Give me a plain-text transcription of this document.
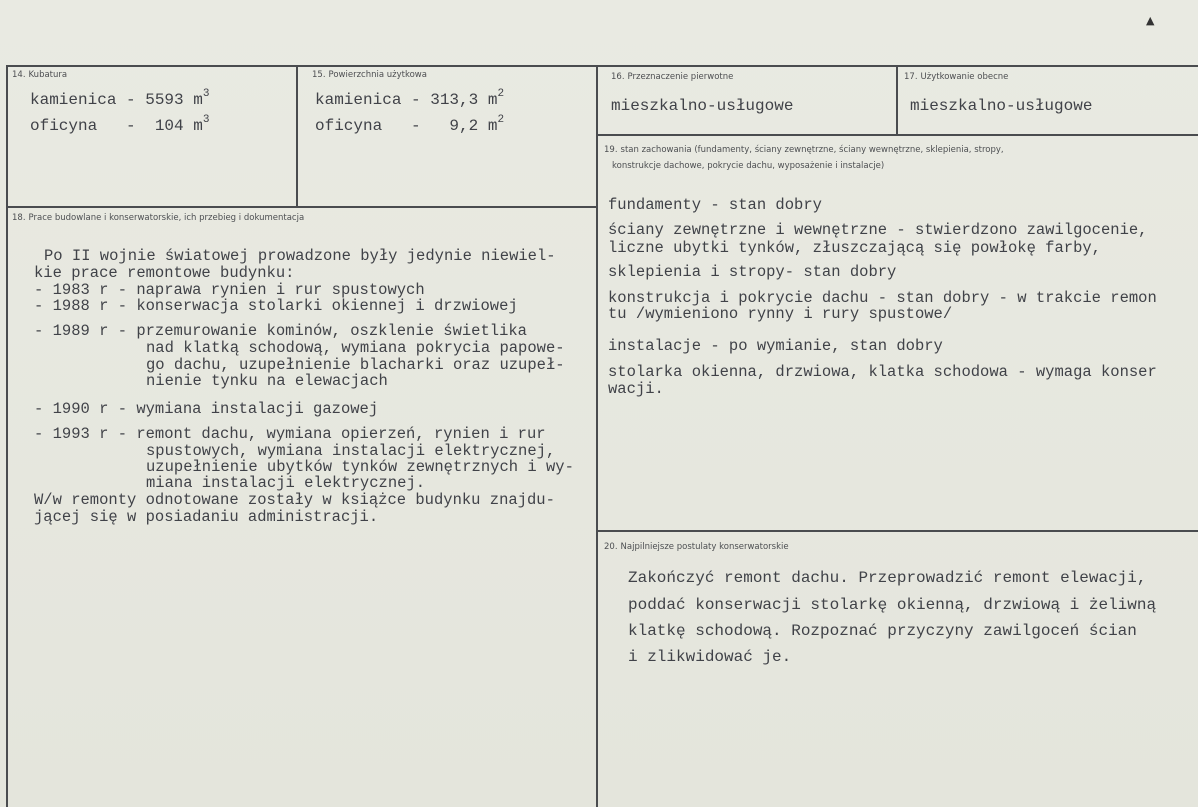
▲
14. Kubatura
kamienica - 5593 $m^3$
oficyna   -  104 $m^3$
15. Powierzchnia użytkowa
kamienica - 313,3 $m^2$
oficyna   -   9,2 $m^2$
16. Przeznaczenie pierwotne
mieszkalno-usługowe
17. Użytkowanie obecne
mieszkalno-usługowe
19. stan zachowania (fundamenty, ściany zewnętrzne, ściany wewnętrzne, sklepienia, stropy,
konstrukcje dachowe, pokrycie dachu, wyposażenie i instalacje)
fundamenty - stan dobry
ściany zewnętrzne i wewnętrzne - stwierdzono zawilgocenie,
liczne ubytki tynków, złuszczającą się powłokę farby,
sklepienia i stropy- stan dobry
konstrukcja i pokrycie dachu - stan dobry - w trakcie remon
tu /wymieniono rynny i rury spustowe/
instalacje - po wymianie, stan dobry
stolarka okienna, drzwiowa, klatka schodowa - wymaga konser
wacji.
18. Prace budowlane i konserwatorskie, ich przebieg i dokumentacja
Po II wojnie światowej prowadzone były jedynie niewiel-
kie prace remontowe budynku:
- 1983 r - naprawa rynien i rur spustowych
- 1988 r - konserwacja stolarki okiennej i drzwiowej
- 1989 r - przemurowanie kominów, oszklenie świetlika
nad klatką schodową, wymiana pokrycia papowe-
go dachu, uzupełnienie blacharki oraz uzupeł-
nienie tynku na elewacjach
- 1990 r - wymiana instalacji gazowej
- 1993 r - remont dachu, wymiana opierzeń, rynien i rur
spustowych, wymiana instalacji elektrycznej,
uzupełnienie ubytków tynków zewnętrznych i wy-
miana instalacji elektrycznej.
W/w remonty odnotowane zostały w książce budynku znajdu-
jącej się w posiadaniu administracji.
20. Najpilniejsze postulaty konserwatorskie
Zakończyć remont dachu. Przeprowadzić remont elewacji,
poddać konserwacji stolarkę okienną, drzwiową i żeliwną
klatkę schodową. Rozpoznać przyczyny zawilgoceń ścian
i zlikwidować je.
